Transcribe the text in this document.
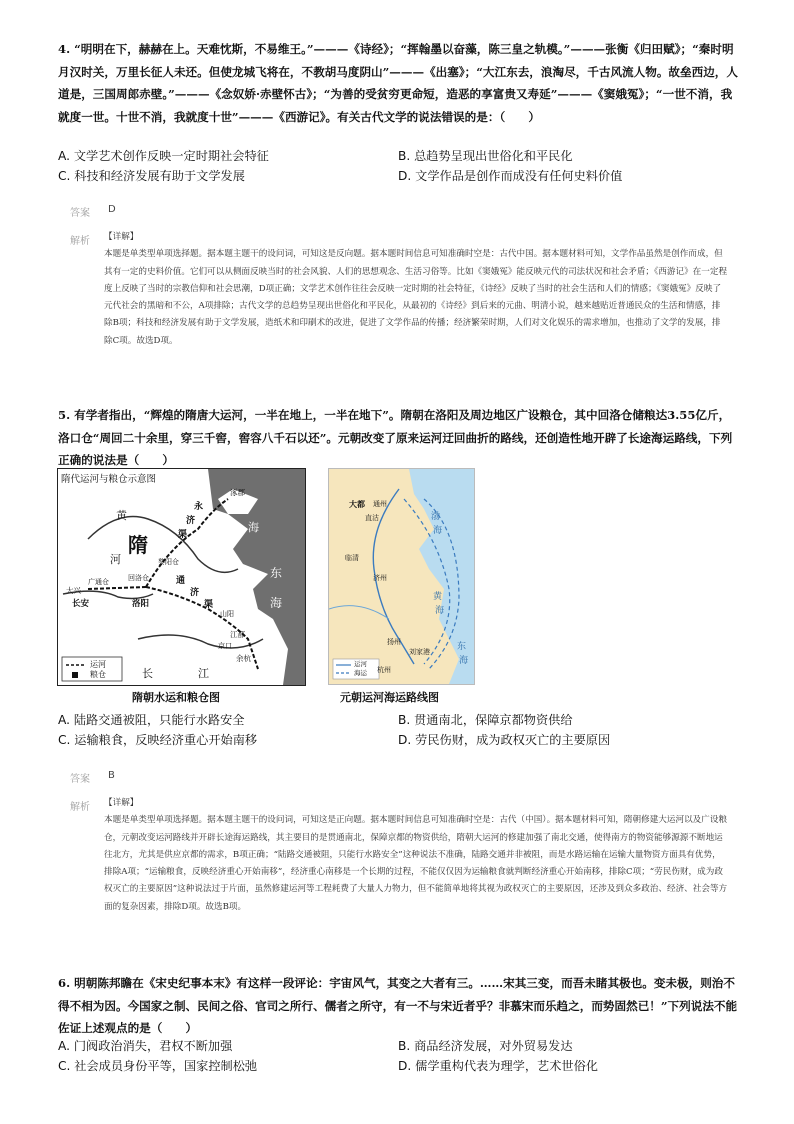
4. “明明在下，赫赫在上。天难忱斯，不易维王。”———《诗经》；“挥翰墨以奋藻，陈三皇之轨模。”———张衡《归田赋》；“秦时明月汉时关，万里长征人未还。但使龙城飞将在，不教胡马度阴山”———《出塞》；“大江东去，浪淘尽，千古风流人物。故垒西边，人道是，三国周郎赤壁。”———《念奴娇·赤壁怀古》；“为善的受贫穷更命短，造恶的享富贵又寿延”———《窦娥冤》；“一世不消，我就度一世。十世不消，我就度十世”———《西游记》。有关古代文学的说法错误的是：（　　）

A. 文学艺术创作反映一定时期社会特征	B. 总趋势呈现出世俗化和平民化
C. 科技和经济发展有助于文学发展	D. 文学作品是创作而成没有任何史料价值
答案 D
解析 【详解】
本题是单类型单项选择题。据本题主题干的设问词，可知这是反向题。据本题时间信息可知准确时空是：古代中国。据本题材料可知，文学作品虽然是创作而成，但其有一定的史料价值。它们可以从侧面反映当时的社会风貌、人们的思想观念、生活习俗等。比如《窦娥冤》能反映元代的司法状况和社会矛盾；《西游记》在一定程度上反映了当时的宗教信仰和社会思潮，D项正确；文学艺术创作往往会反映一定时期的社会特征，《诗经》反映了当时的社会生活和人们的情感；《窦娥冤》反映了元代社会的黑暗和不公，A项排除；古代文学的总趋势呈现出世俗化和平民化，从最初的《诗经》到后来的元曲、明清小说，越来越贴近普通民众的生活和情感，排除B项；科技和经济发展有助于文学发展，造纸术和印刷术的改进，促进了文学作品的传播；经济繁荣时期，人们对文化娱乐的需求增加，也推动了文学的发展，排除C项。故选D项。

5. 有学者指出，“辉煌的隋唐大运河，一半在地上，一半在地下”。隋朝在洛阳及周边地区广设粮仓，其中回洛仓储粮达3.55亿斤，洛口仓“周回二十余里，穿三千窖，窖容八千石以还”。元朝改变了原来运河迂回曲折的路线，还创造性地开辟了长途海运路线，下列正确的说法是（　　）

隋代运河与粮仓示意图
隋
黄
河
渤 海
东
海
长	江
永
济
渠
通
济
渠
长安	洛阳
涿郡
江都
余杭
大兴
回洛仓
黎阳仓
广通仓
山阳
京口
运河
粮仓
隋朝水运和粮仓图
大都 通州
直沽
临清
济州
扬州
杭州
刘家港
渤
海
黄
海
东
海
运河
海运
元朝运河海运路线图
A. 陆路交通被阻，只能行水路安全	B. 贯通南北，保障京都物资供给
C. 运输粮食，反映经济重心开始南移	D. 劳民伤财，成为政权灭亡的主要原因
答案 B
解析 【详解】
本题是单类型单项选择题。据本题主题干的设问词，可知这是正向题。据本题时间信息可知准确时空是：古代（中国）。据本题材料可知，隋朝修建大运河以及广设粮仓，元朝改变运河路线并开辟长途海运路线，其主要目的是贯通南北，保障京都的物资供给，隋朝大运河的修建加强了南北交通，使得南方的物资能够源源不断地运往北方，尤其是供应京都的需求，B项正确；“陆路交通被阻，只能行水路安全”这种说法不准确，陆路交通并非被阻，而是水路运输在运输大量物资方面具有优势，排除A项；“运输粮食，反映经济重心开始南移”，经济重心南移是一个长期的过程，不能仅仅因为运输粮食就判断经济重心开始南移，排除C项；“劳民伤财，成为政权灭亡的主要原因”这种说法过于片面，虽然修建运河等工程耗费了大量人力物力，但不能简单地将其视为政权灭亡的主要原因，还涉及到众多政治、经济、社会等方面的复杂因素，排除D项。故选B项。

6. 明朝陈邦瞻在《宋史纪事本末》有这样一段评论：宇宙风气，其变之大者有三。……宋其三变，而吾未睹其极也。变未极，则治不得不相为因。今国家之制、民间之俗、官司之所行、儒者之所守，有一不与宋近者乎？非慕宋而乐趋之，而势固然已！”下列说法不能佐证上述观点的是（　　）

A. 门阀政治消失，君权不断加强	B. 商品经济发展，对外贸易发达
C. 社会成员身份平等，国家控制松弛	D. 儒学重构代表为理学，艺术世俗化
